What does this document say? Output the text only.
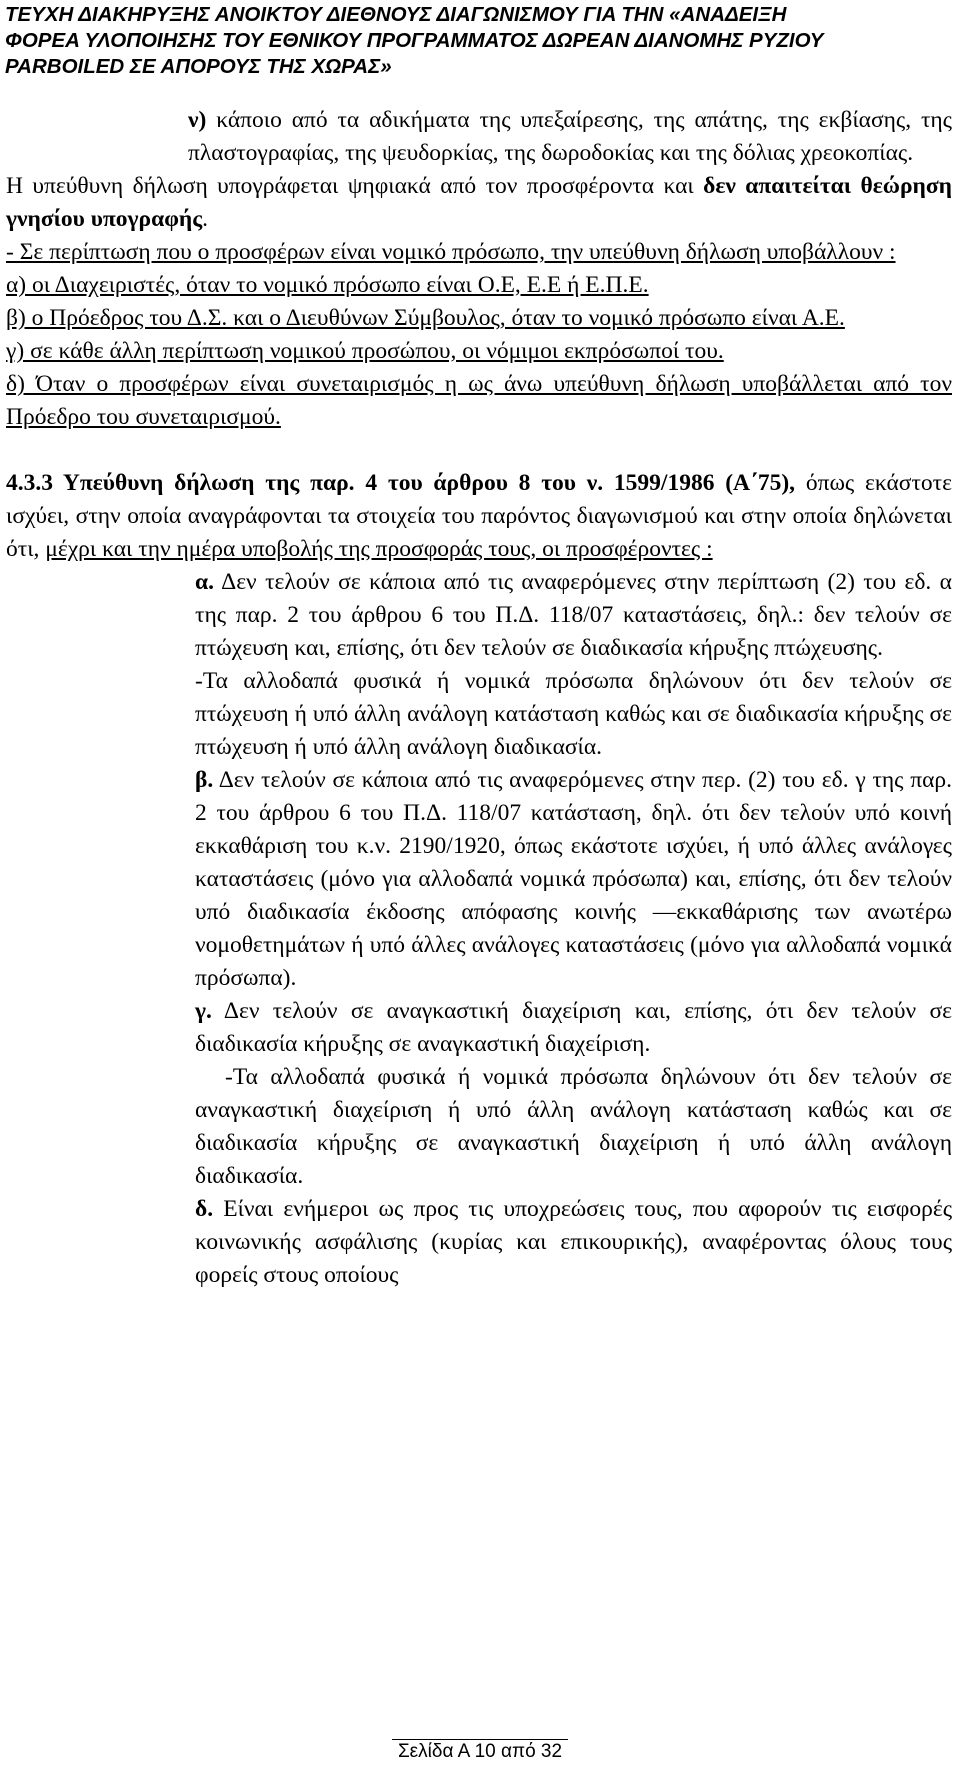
ΤΕΥΧΗ ΔΙΑΚΗΡΥΞΗΣ ΑΝΟΙΚΤΟΥ ΔΙΕΘΝΟΥΣ ΔΙΑΓΩΝΙΣΜΟΥ ΓΙΑ ΤΗΝ «ΑΝΑΔΕΙΞΗ
ΦΟΡΕΑ ΥΛΟΠΟΙΗΣΗΣ ΤΟΥ ΕΘΝΙΚΟΥ ΠΡΟΓΡΑΜΜΑΤΟΣ ΔΩΡΕΑΝ ΔΙΑΝΟΜΗΣ ΡΥΖΙΟΥ
PARBOILED ΣΕ ΑΠΟΡΟΥΣ ΤΗΣ ΧΩΡΑΣ»

ν) κάποιο από τα αδικήματα της υπεξαίρεσης, της απάτης, της εκβίασης, της πλαστογραφίας, της ψευδορκίας, της δωροδοκίας και της δόλιας χρεοκοπίας.

Η υπεύθυνη δήλωση υπογράφεται ψηφιακά από τον προσφέροντα και δεν απαιτείται θεώρηση γνησίου υπογραφής.

- Σε περίπτωση που ο προσφέρων είναι νομικό πρόσωπο, την υπεύθυνη δήλωση υποβάλλουν :

α) οι Διαχειριστές, όταν το νομικό πρόσωπο είναι Ο.Ε, Ε.Ε ή Ε.Π.Ε.

β) ο Πρόεδρος του Δ.Σ. και ο Διευθύνων Σύμβουλος, όταν το νομικό πρόσωπο είναι Α.Ε.

γ) σε κάθε άλλη περίπτωση νομικού προσώπου, οι νόμιμοι εκπρόσωποί του.

δ) Όταν ο προσφέρων είναι συνεταιρισμός η ως άνω υπεύθυνη δήλωση υποβάλλεται από τον Πρόεδρο του συνεταιρισμού.

4.3.3 Υπεύθυνη δήλωση της παρ. 4 του άρθρου 8 του ν. 1599/1986 (Α΄75), όπως εκάστοτε ισχύει, στην οποία αναγράφονται τα στοιχεία του παρόντος διαγωνισμού και στην οποία δηλώνεται ότι, μέχρι και την ημέρα υποβολής της προσφοράς τους, οι προσφέροντες :

α. Δεν τελούν σε κάποια από τις αναφερόμενες στην περίπτωση (2) του εδ. α της παρ. 2 του άρθρου 6 του Π.Δ. 118/07 καταστάσεις, δηλ.: δεν τελούν σε πτώχευση και, επίσης, ότι δεν τελούν σε διαδικασία κήρυξης πτώχευσης.

-Τα αλλοδαπά φυσικά ή νομικά πρόσωπα δηλώνουν ότι δεν τελούν σε πτώχευση ή υπό άλλη ανάλογη κατάσταση καθώς και σε διαδικασία κήρυξης σε πτώχευση ή υπό άλλη ανάλογη διαδικασία.

β. Δεν τελούν σε κάποια από τις αναφερόμενες στην περ. (2) του εδ. γ της παρ. 2 του άρθρου 6 του Π.Δ. 118/07 κατάσταση, δηλ. ότι δεν τελούν υπό κοινή εκκαθάριση του κ.ν. 2190/1920, όπως εκάστοτε ισχύει, ή υπό άλλες ανάλογες καταστάσεις (μόνο για αλλοδαπά νομικά πρόσωπα) και, επίσης, ότι δεν τελούν υπό διαδικασία έκδοσης απόφασης κοινής —εκκαθάρισης των ανωτέρω νομοθετημάτων ή υπό άλλες ανάλογες καταστάσεις (μόνο για αλλοδαπά νομικά πρόσωπα).

γ. Δεν τελούν σε αναγκαστική διαχείριση και, επίσης, ότι δεν τελούν σε διαδικασία κήρυξης σε αναγκαστική διαχείριση.

-Τα αλλοδαπά φυσικά ή νομικά πρόσωπα δηλώνουν ότι δεν τελούν σε αναγκαστική διαχείριση ή υπό άλλη ανάλογη κατάσταση καθώς και σε διαδικασία κήρυξης σε αναγκαστική διαχείριση ή υπό άλλη ανάλογη διαδικασία.

δ. Είναι ενήμεροι ως προς τις υποχρεώσεις τους, που αφορούν τις εισφορές κοινωνικής ασφάλισης (κυρίας και επικουρικής), αναφέροντας όλους τους φορείς στους οποίους

Σελίδα Α 10 από 32
